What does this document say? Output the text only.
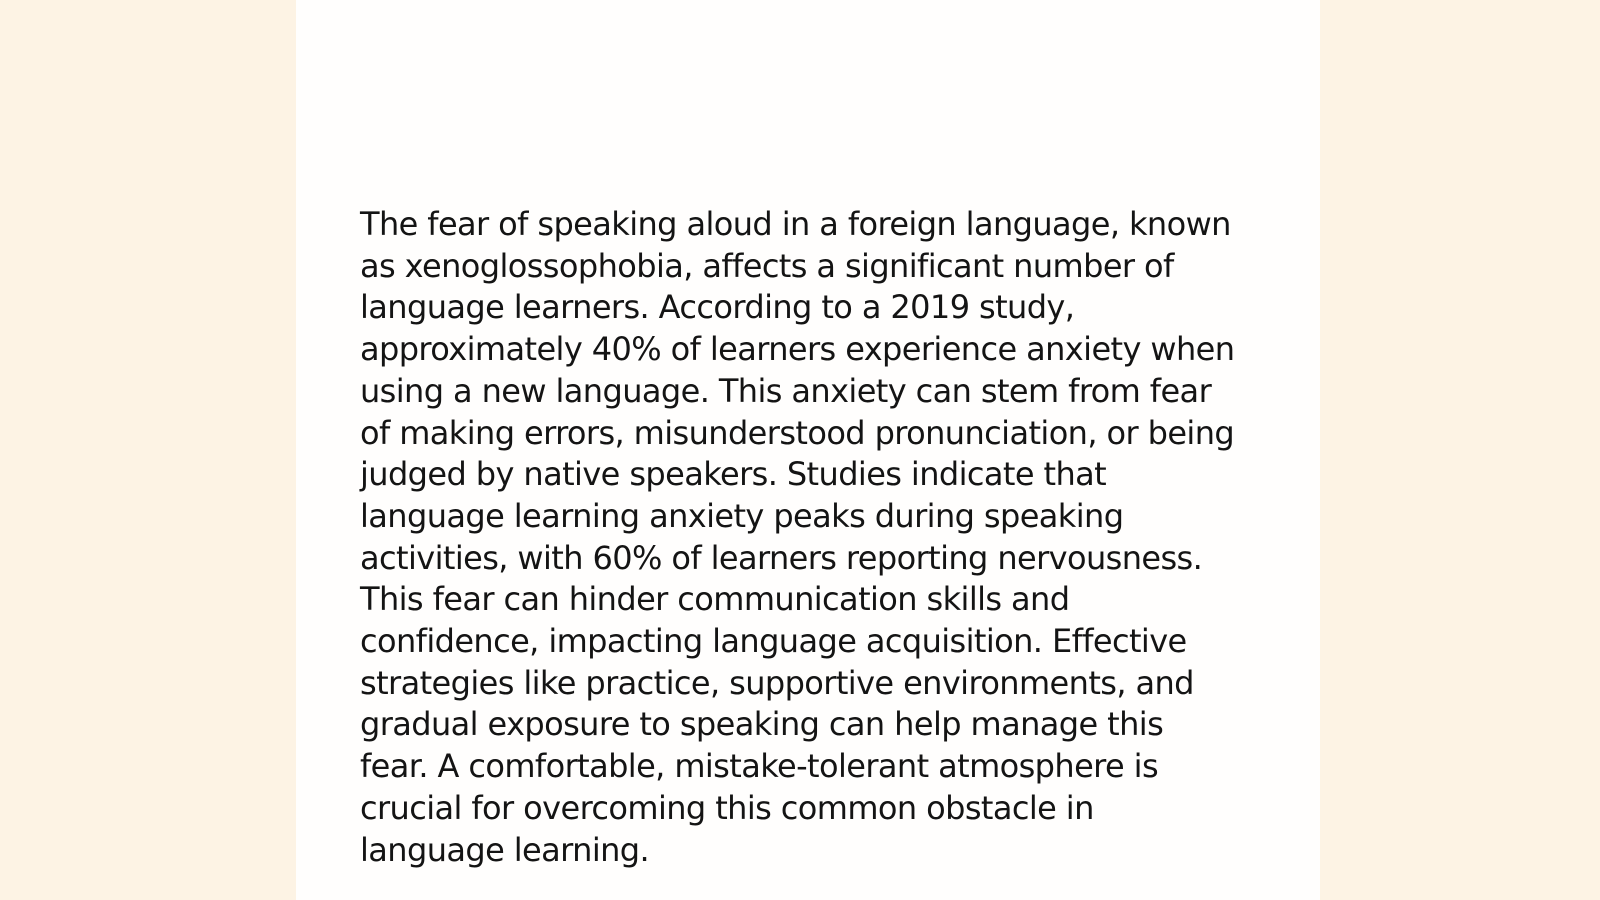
The fear of speaking aloud in a foreign language, known as xenoglossophobia, affects a significant number of language learners. According to a 2019 study, approximately 40% of learners experience anxiety when using a new language. This anxiety can stem from fear of making errors, misunderstood pronunciation, or being judged by native speakers. Studies indicate that language learning anxiety peaks during speaking activities, with 60% of learners reporting nervousness. This fear can hinder communication skills and confidence, impacting language acquisition. Effective strategies like practice, supportive environments, and gradual exposure to speaking can help manage this fear. A comfortable, mistake-tolerant atmosphere is crucial for overcoming this common obstacle in language learning.
